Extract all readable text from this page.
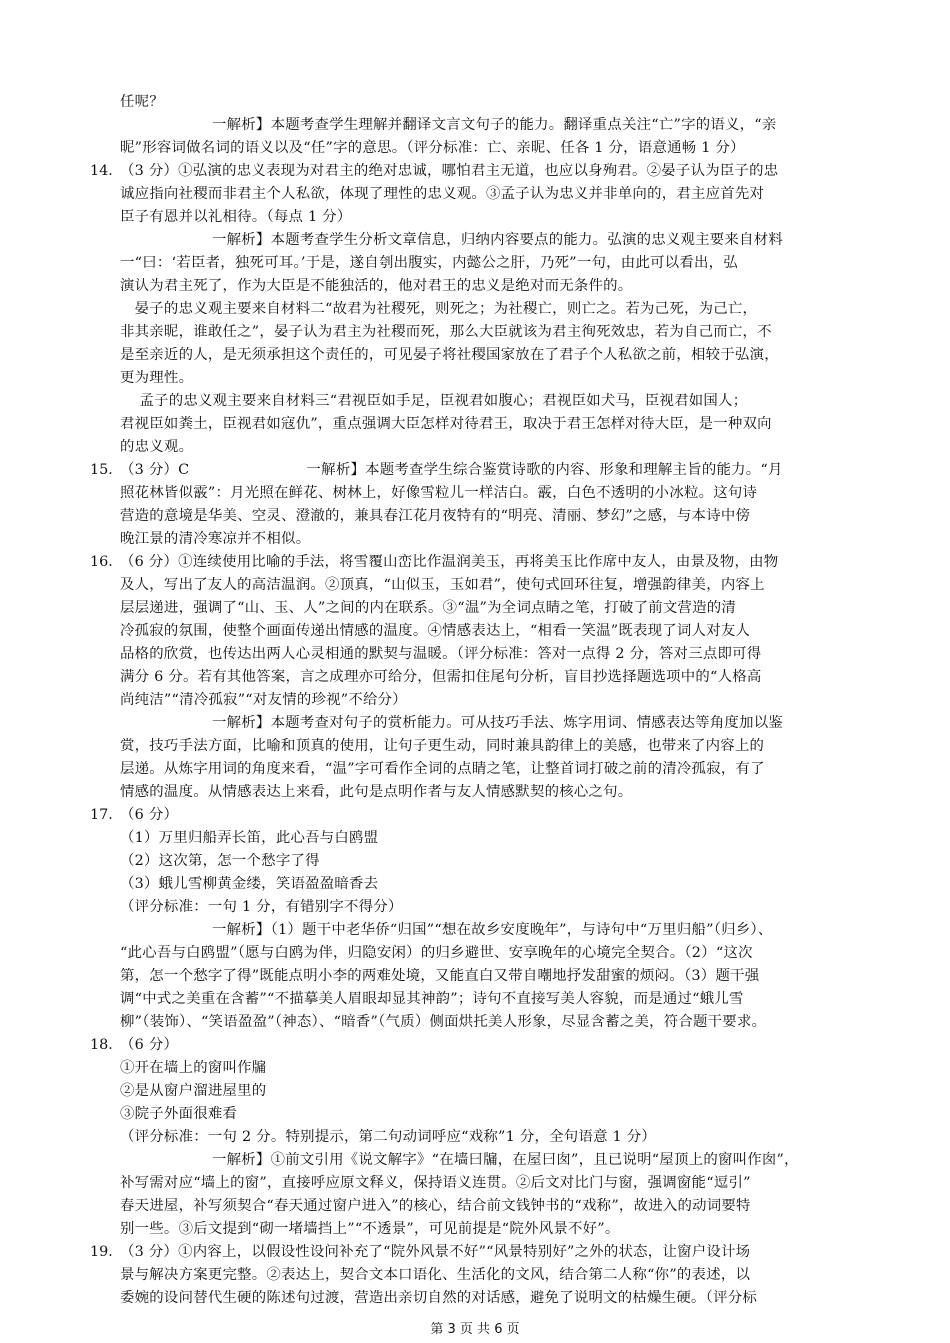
任呢？
一解析】本题考查学生理解并翻译文言文句子的能力。翻译重点关注“亡”字的语义，“亲
昵”形容词做名词的语义以及“任”字的意思。（评分标准：亡、亲昵、任各 1 分，语意通畅 1 分）
14．
（3 分）①弘演的忠义表现为对君主的绝对忠诚，哪怕君主无道，也应以身殉君。②晏子认为臣子的忠
诚应指向社稷而非君主个人私欲，体现了理性的忠义观。③孟子认为忠义并非单向的，君主应首先对
臣子有恩并以礼相待。（每点 1 分）
一解析】本题考查学生分析文章信息，归纳内容要点的能力。弘演的忠义观主要来自材料
一“曰：‘若臣者，独死可耳。’于是，遂自刳出腹实，内懿公之肝，乃死”一句，由此可以看出，弘
演认为君主死了，作为大臣是不能独活的，他对君王的忠义是绝对而无条件的。
　晏子的忠义观主要来自材料二“故君为社稷死，则死之；为社稷亡，则亡之。若为己死，为己亡，
非其亲昵，谁敢任之”，晏子认为君主为社稷而死，那么大臣就该为君主徇死效忠，若为自己而亡，不
是至亲近的人，是无须承担这个责任的，可见晏子将社稷国家放在了君子个人私欲之前，相较于弘演，
更为理性。
　 孟子的忠义观主要来自材料三“君视臣如手足，臣视君如腹心；君视臣如犬马，臣视君如国人；
君视臣如粪土，臣视君如寇仇”，重点强调大臣怎样对待君王，取决于君王怎样对待大臣，是一种双向
的忠义观。
15．
（3 分）C　　　　　　　　一解析】本题考查学生综合鉴赏诗歌的内容、形象和理解主旨的能力。“月
照花林皆似霰”：月光照在鲜花、树林上，好像雪粒儿一样洁白。霰，白色不透明的小冰粒。这句诗
营造的意境是华美、空灵、澄澈的，兼具春江花月夜特有的“明亮、清丽、梦幻”之感，与本诗中傍
晚江景的清冷寒凉并不相似。
16．
（6 分）①连续使用比喻的手法，将雪覆山峦比作温润美玉，再将美玉比作席中友人，由景及物，由物
及人，写出了友人的高洁温润。②顶真，“山似玉，玉如君”，使句式回环往复，增强韵律美，内容上
层层递进，强调了“山、玉、人”之间的内在联系。③“温”为全词点睛之笔，打破了前文营造的清
冷孤寂的氛围，使整个画面传递出情感的温度。④情感表达上，“相看一笑温”既表现了词人对友人
品格的欣赏，也传达出两人心灵相通的默契与温暖。（评分标准：答对一点得 2 分，答对三点即可得
满分 6 分。若有其他答案，言之成理亦可给分，但需扣住尾句分析，盲目抄选择题选项中的“人格高
尚纯洁”“清冷孤寂”“对友情的珍视”不给分）
一解析】本题考查对句子的赏析能力。可从技巧手法、炼字用词、情感表达等角度加以鉴
赏，技巧手法方面，比喻和顶真的使用，让句子更生动，同时兼具韵律上的美感，也带来了内容上的
层递。从炼字用词的角度来看，“温”字可看作全词的点睛之笔，让整首词打破之前的清冷孤寂，有了
情感的温度。从情感表达上来看，此句是点明作者与友人情感默契的核心之句。
17．
（6 分）
（1）万里归船弄长笛，此心吾与白鸥盟
（2）这次第，怎一个愁字了得
（3）蛾儿雪柳黄金缕，笑语盈盈暗香去
（评分标准：一句 1 分，有错别字不得分）
一解析】（1）题干中老华侨“归国”“想在故乡安度晚年”，与诗句中“万里归船”（归乡）、
“此心吾与白鸥盟”（愿与白鸥为伴，归隐安闲）的归乡避世、安享晚年的心境完全契合。（2）“这次
第，怎一个愁字了得”既能点明小李的两难处境，又能直白又带自嘲地抒发甜蜜的烦闷。（3）题干强
调“中式之美重在含蓄”“不描摹美人眉眼却显其神韵”；诗句不直接写美人容貌，而是通过“蛾儿雪
柳”（装饰）、“笑语盈盈”（神态）、“暗香”（气质）侧面烘托美人形象，尽显含蓄之美，符合题干要求。
18．
（6 分）
①开在墙上的窗叫作牖
②是从窗户溜进屋里的
③院子外面很难看
（评分标准：一句 2 分。特别提示，第二句动词呼应“戏称”1 分，全句语意 1 分）
一解析】①前文引用《说文解字》“在墙曰牖，在屋曰囱”，且已说明“屋顶上的窗叫作囱”，
补写需对应“墙上的窗”，直接呼应原文释义，保持语义连贯。②后文对比门与窗，强调窗能“逗引”
春天进屋，补写须契合“春天通过窗户进入”的核心，结合前文钱钟书的“戏称”，故进入的动词要特
别一些。③后文提到“砌一堵墙挡上”“不透景”，可见前提是“院外风景不好”。
19．
（3 分）①内容上，以假设性设问补充了“院外风景不好”“风景特别好”之外的状态，让窗户设计场
景与解决方案更完整。②表达上，契合文本口语化、生活化的文风，结合第二人称“你”的表述，以
委婉的设问替代生硬的陈述句过渡，营造出亲切自然的对话感，避免了说明文的枯燥生硬。（评分标
第 3 页 共 6 页
